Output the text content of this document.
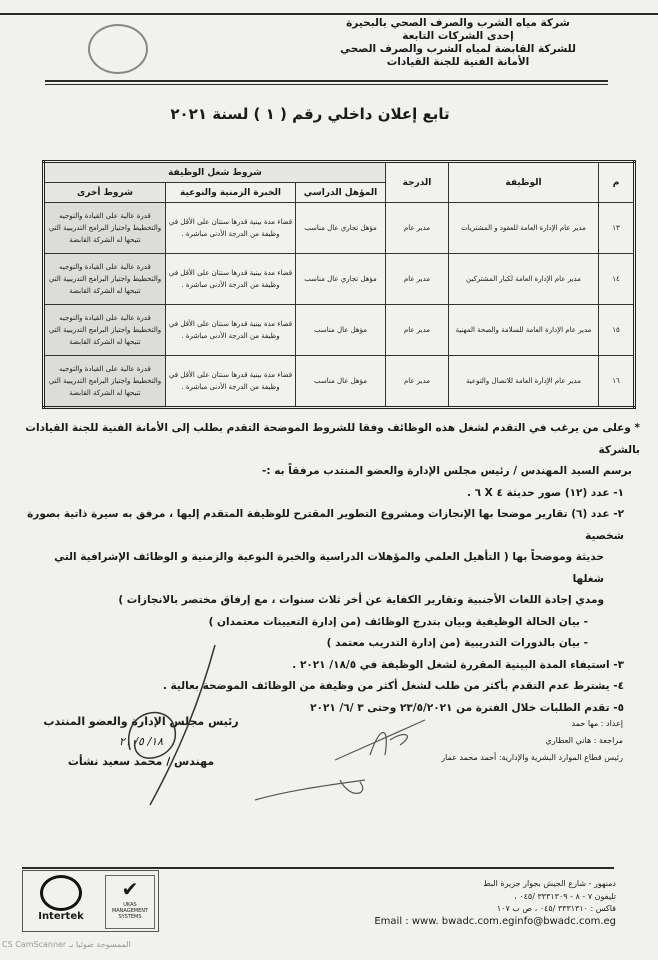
شركة مياه الشرب والصرف الصحي بالبحيرة
إحدى الشركات التابعة
للشركة القابضة لمياه الشرب والصرف الصحي
الأمانة الفنية للجنة القيادات
تابع إعلان داخلي رقم ( ١ ) لسنة ٢٠٢١
م	الوظيفة	الدرجة	شروط شغل الوظيفة		
			المؤهل الدراسي	الخبرة الزمنية والنوعية	شروط أخرى
١٣	مدير عام الإدارة العامة للعقود و المشتريات	مدير عام	مؤهل تجاري عال مناسب	قضاء مدة بينية قدرها سنتان على الأقل في وظيفة من الدرجة الأدنى مباشرة .	قدرة عالية على القيادة والتوجيه والتخطيط واجتياز البرامج التدريبية التي تتيحها له الشركة القابضة
١٤	مدير عام الإدارة العامة لكبار المشتركين	مدير عام	مؤهل تجاري عال مناسب	قضاء مدة بينية قدرها سنتان على الأقل في وظيفة من الدرجة الأدنى مباشرة .	قدرة عالية على القيادة والتوجيه والتخطيط واجتياز البرامج التدريبية التي تتيحها له الشركة القابضة
١٥	مدير عام الإدارة العامة للسلامة والصحة المهنية	مدير عام	مؤهل عال مناسب	قضاء مدة بينية قدرها سنتان على الأقل في وظيفة من الدرجة الأدنى مباشرة .	قدرة عالية على القيادة والتوجيه والتخطيط واجتياز البرامج التدريبية التي تتيحها له الشركة القابضة
١٦	مدير عام الإدارة العامة للاتصال والتوعية	مدير عام	مؤهل عال مناسب	قضاء مدة بينية قدرها سنتان على الأقل في وظيفة من الدرجة الأدنى مباشرة .	قدرة عالية على القيادة والتوجيه والتخطيط واجتياز البرامج التدريبية التي تتيحها له الشركة القابضة

* وعلى من يرغب في التقدم لشغل هذه الوظائف وفقا للشروط الموضحة التقدم بطلب إلى الأمانة الفنية للجنة القيادات بالشركة

برسم السيد المهندس / رئيس مجلس الإدارة والعضو المنتدب مرفقاً به :-

١- عدد (١٢) صور حديثة ٤ X ٦ .

٢- عدد (٦) تقارير موضحا بها الإنجازات ومشروع التطوير المقترح للوظيفة المتقدم إليها ، مرفق به سيرة ذاتية بصورة شخصية

حديثة وموضحاً بها ( التأهيل العلمي والمؤهلات الدراسية والخبرة النوعية والزمنية و الوظائف الإشرافية التي شغلها

ومدي إجادة اللغات الأجنبية وتقارير الكفاية عن أخر ثلاث سنوات ، مع إرفاق مختصر بالانجازات )

- بيان الحالة الوظيفية وبيان بتدرج الوظائف (من إدارة التعيينات معتمدان )

- بيان بالدورات التدريبية (من إدارة التدريب معتمد )

٣- استيفاء المدة البينية المقررة لشغل الوظيفة في ١٨/٥/ ٢٠٢١ .

٤- يشترط عدم التقدم بأكثر من طلب لشغل أكثر من وظيفة من الوظائف الموضحة بعالية .

٥- تقدم الطلبات خلال الفترة من ٢٣/٥/٢٠٢١ وحتى ٣ /٦/ ٢٠٢١

رئيس مجلس الإدارة والعضو المنتدب
١٨/ ٥/ ٢١
مهندس / محمد سعيد نشأت
إعداد : مها حمد
مراجعة : هاني العطاري
رئيس قطاع الموارد البشرية والإدارية: أحمد محمد عمار
دمنهور - شارع الجيش بجوار جزيرة البط
تليفون ٧ - ٨ - ٣٣٣١٣٠٩ /٠٤٥ ،
فاكس : ٣٣٣١٣١٠ /٠٤٥ ، ص ب ١٠٧
Email : www. bwadc.com.eginfo@bwadc.com.eg
Intertek
✔
UKAS MANAGEMENT SYSTEMS
CS CamScanner الممسوحة ضوئيا بـ
